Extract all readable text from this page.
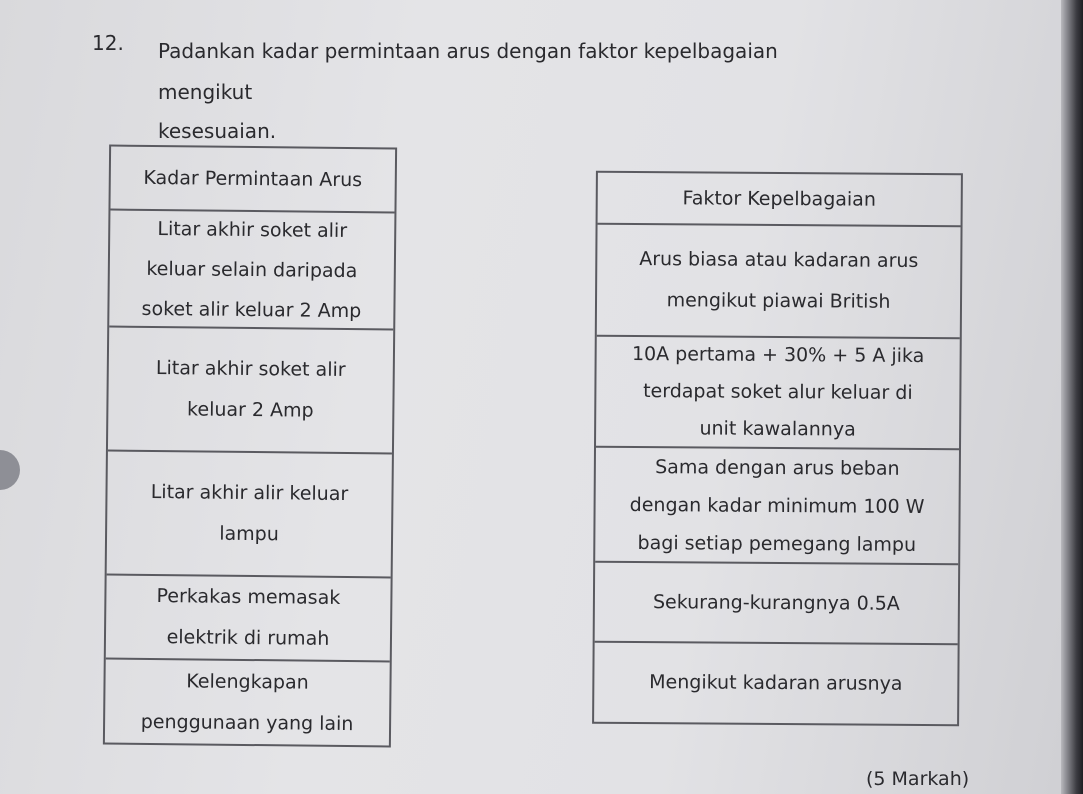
12. Padankan kadar permintaan arus dengan faktor kepelbagaian mengikut
kesesuaian.
Kadar Permintaan Arus
Litar akhir soket alir
keluar selain daripada
soket alir keluar 2 Amp
Litar akhir soket alir
keluar 2 Amp
Litar akhir alir keluar
lampu
Perkakas memasak
elektrik di rumah
Kelengkapan
penggunaan yang lain
Faktor Kepelbagaian
Arus biasa atau kadaran arus
mengikut piawai British
10A pertama + 30% + 5 A jika
terdapat soket alur keluar di
unit kawalannya
Sama dengan arus beban
dengan kadar minimum 100 W
bagi setiap pemegang lampu
Sekurang-kurangnya 0.5A
Mengikut kadaran arusnya
(5 Markah)
